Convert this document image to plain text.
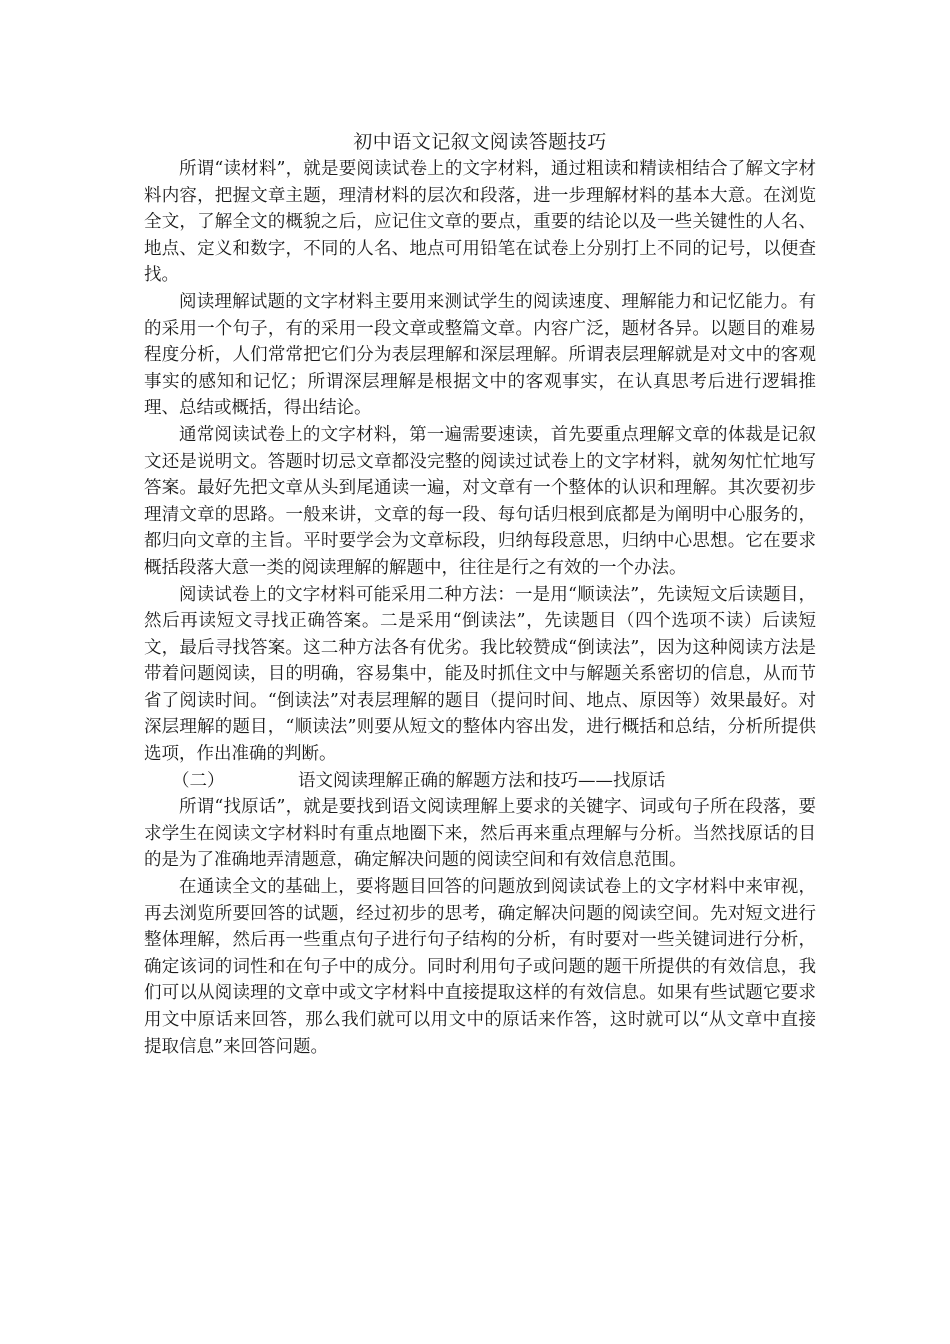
初中语文记叙文阅读答题技巧

所谓“读材料”，就是要阅读试卷上的文字材料，通过粗读和精读相结合了解文字材料内容，把握文章主题，理清材料的层次和段落，进一步理解材料的基本大意。在浏览全文，了解全文的概貌之后，应记住文章的要点，重要的结论以及一些关键性的人名、地点、定义和数字，不同的人名、地点可用铅笔在试卷上分别打上不同的记号，以便查找。

阅读理解试题的文字材料主要用来测试学生的阅读速度、理解能力和记忆能力。有的采用一个句子，有的采用一段文章或整篇文章。内容广泛，题材各异。以题目的难易程度分析，人们常常把它们分为表层理解和深层理解。所谓表层理解就是对文中的客观事实的感知和记忆；所谓深层理解是根据文中的客观事实，在认真思考后进行逻辑推理、总结或概括，得出结论。

通常阅读试卷上的文字材料，第一遍需要速读，首先要重点理解文章的体裁是记叙文还是说明文。答题时切忌文章都没完整的阅读过试卷上的文字材料，就匆匆忙忙地写答案。最好先把文章从头到尾通读一遍，对文章有一个整体的认识和理解。其次要初步理清文章的思路。一般来讲，文章的每一段、每句话归根到底都是为阐明中心服务的，都归向文章的主旨。平时要学会为文章标段，归纳每段意思，归纳中心思想。它在要求概括段落大意一类的阅读理解的解题中，往往是行之有效的一个办法。

阅读试卷上的文字材料可能采用二种方法：一是用“顺读法”，先读短文后读题目，然后再读短文寻找正确答案。二是采用“倒读法”，先读题目（四个选项不读）后读短文，最后寻找答案。这二种方法各有优劣。我比较赞成“倒读法”，因为这种阅读方法是带着问题阅读，目的明确，容易集中，能及时抓住文中与解题关系密切的信息，从而节省了阅读时间。“倒读法”对表层理解的题目（提问时间、地点、原因等）效果最好。对深层理解的题目，“顺读法”则要从短文的整体内容出发，进行概括和总结，分析所提供选项，作出准确的判断。

（二）	语文阅读理解正确的解题方法和技巧——找原话

所谓“找原话”，就是要找到语文阅读理解上要求的关键字、词或句子所在段落，要求学生在阅读文字材料时有重点地圈下来，然后再来重点理解与分析。当然找原话的目的是为了准确地弄清题意，确定解决问题的阅读空间和有效信息范围。

在通读全文的基础上，要将题目回答的问题放到阅读试卷上的文字材料中来审视，再去浏览所要回答的试题，经过初步的思考，确定解决问题的阅读空间。先对短文进行整体理解，然后再一些重点句子进行句子结构的分析，有时要对一些关键词进行分析，确定该词的词性和在句子中的成分。同时利用句子或问题的题干所提供的有效信息，我们可以从阅读理的文章中或文字材料中直接提取这样的有效信息。如果有些试题它要求用文中原话来回答，那么我们就可以用文中的原话来作答，这时就可以“从文章中直接提取信息”来回答问题。
